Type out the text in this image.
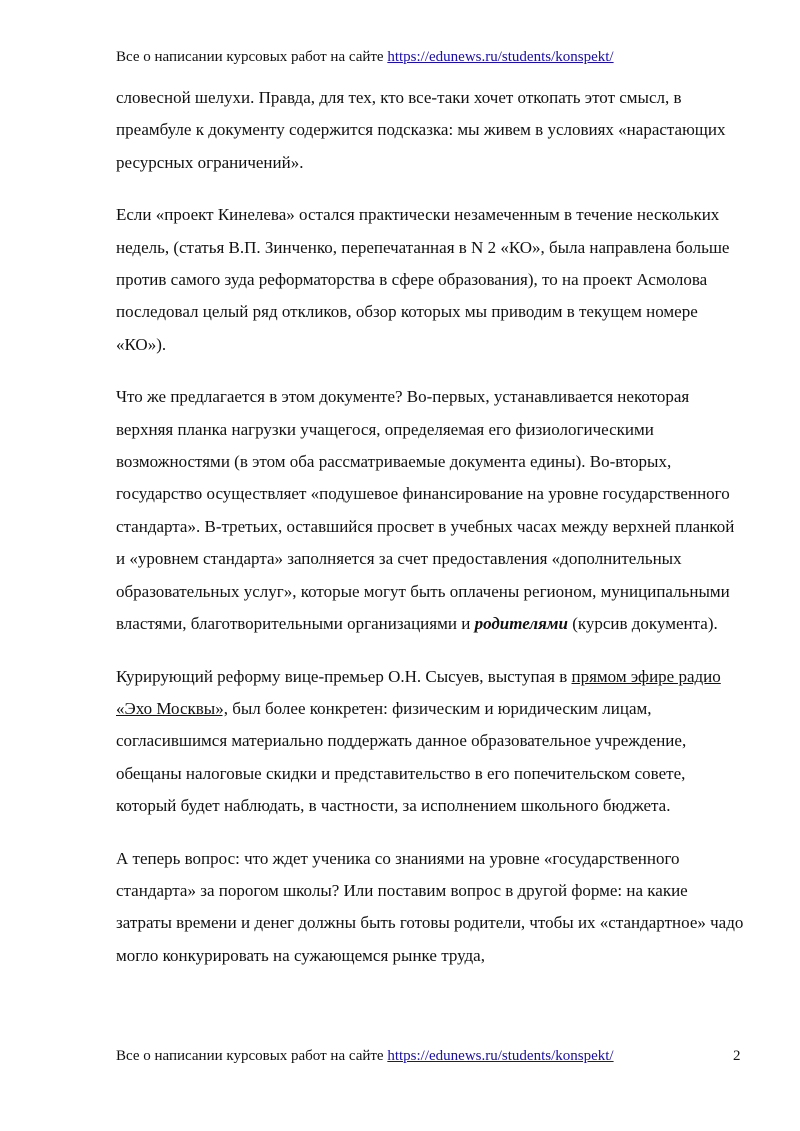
Все о написании курсовых работ на сайте https://edunews.ru/students/konspekt/

словесной шелухи. Правда, для тех, кто все-таки хочет откопать этот смысл, в преамбуле к документу содержится подсказка: мы живем в условиях «нарастающих ресурсных ограничений».

Если «проект Кинелева» остался практически незамеченным в течение нескольких недель, (статья В.П. Зинченко, перепечатанная в N 2 «КО», была направлена больше против самого зуда реформаторства в сфере образования), то на проект Асмолова последовал целый ряд откликов, обзор которых мы приводим в текущем номере «КО»).

Что же предлагается в этом документе? Во-первых, устанавливается некоторая верхняя планка нагрузки учащегося, определяемая его физиологическими возможностями (в этом оба рассматриваемые документа едины). Во-вторых, государство осуществляет «подушевое финансирование на уровне государственного стандарта». В-третьих, оставшийся просвет в учебных часах между верхней планкой и «уровнем стандарта» заполняется за счет предоставления «дополнительных образовательных услуг», которые могут быть оплачены регионом, муниципальными властями, благотворительными организациями и родителями (курсив документа).

Курирующий реформу вице-премьер О.Н. Сысуев, выступая в прямом эфире радио «Эхо Москвы», был более конкретен: физическим и юридическим лицам, согласившимся материально поддержать данное образовательное учреждение, обещаны налоговые скидки и представительство в его попечительском совете, который будет наблюдать, в частности, за исполнением школьного бюджета.

А теперь вопрос: что ждет ученика со знаниями на уровне «государственного стандарта» за порогом школы? Или поставим вопрос в другой форме: на какие затраты времени и денег должны быть готовы родители, чтобы их «стандартное» чадо могло конкурировать на сужающемся рынке труда,

Все о написании курсовых работ на сайте https://edunews.ru/students/konspekt/	2
